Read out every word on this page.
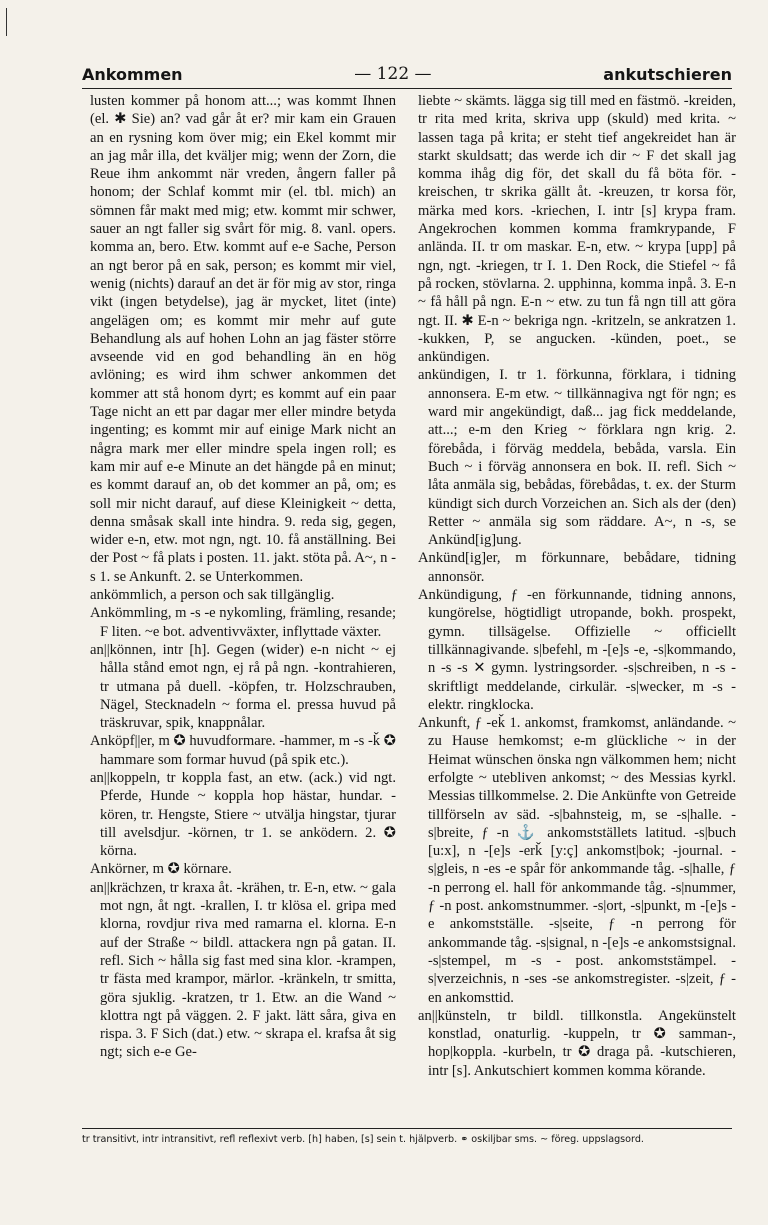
Ankommen	— 122 —	ankutschieren

lusten kommer på honom att...; was kommt Ihnen (el. ✱ Sie) an? vad går åt er? mir kam ein Grauen an en rysning kom över mig; ein Ekel kommt mir an jag mår illa, det kväljer mig; wenn der Zorn, die Reue ihm ankommt när vreden, ångern faller på honom; der Schlaf kommt mir (el. tbl. mich) an sömnen får makt med mig; etw. kommt mir schwer, sauer an ngt faller sig svårt för mig. 8. vanl. opers. komma an, bero. Etw. kommt auf e-e Sache, Person an ngt beror på en sak, person; es kommt mir viel, wenig (nichts) darauf an det är för mig av stor, ringa vikt (ingen betydelse), jag är mycket, litet (inte) angelägen om; es kommt mir mehr auf gute Behandlung als auf hohen Lohn an jag fäster större avseende vid en god behandling än en hög avlöning; es wird ihm schwer ankommen det kommer att stå honom dyrt; es kommt auf ein paar Tage nicht an ett par dagar mer eller mindre betyda ingenting; es kommt mir auf einige Mark nicht an några mark mer eller mindre spela ingen roll; es kam mir auf e-e Minute an det hängde på en minut; es kommt darauf an, ob det kommer an på, om; es soll mir nicht darauf, auf diese Kleinigkeit ~ detta, denna småsak skall inte hindra. 9. reda sig, gegen, wider e-n, etw. mot ngn, ngt. 10. få anställning. Bei der Post ~ få plats i posten. 11. jakt. stöta på. A~, n -s 1. se Ankunft. 2. se Unterkommen.

ankömmlich, a person och sak tillgänglig.

Ankömmling, m -s -e nykomling, främling, resande; F liten. ~e bot. adventivväxter, inflyttade växter.

an||können, intr [h]. Gegen (wider) e-n nicht ~ ej hålla stånd emot ngn, ej rå på ngn. -kontrahieren, tr utmana på duell. -köpfen, tr. Holzschrauben, Nägel, Stecknadeln ~ forma el. pressa huvud på träskruvar, spik, knappnålar.

Anköpf||er, m ✪ huvudformare. -hammer, m -s -ǩ ✪ hammare som formar huvud (på spik etc.).

an||koppeln, tr koppla fast, an etw. (ack.) vid ngt. Pferde, Hunde ~ koppla hop hästar, hundar. -kören, tr. Hengste, Stiere ~ utvälja hingstar, tjurar till avelsdjur. -körnen, tr 1. se anködern. 2. ✪ körna.

Ankörner, m ✪ körnare.

an||krächzen, tr kraxa åt. -krähen, tr. E-n, etw. ~ gala mot ngn, åt ngt. -krallen, I. tr klösa el. gripa med klorna, rovdjur riva med ramarna el. klorna. E-n auf der Straße ~ bildl. attackera ngn på gatan. II. refl. Sich ~ hålla sig fast med sina klor. -krampen, tr fästa med krampor, märlor. -kränkeln, tr smitta, göra sjuklig. -kratzen, tr 1. Etw. an die Wand ~ klottra ngt på väggen. 2. F jakt. lätt såra, giva en rispa. 3. F Sich (dat.) etw. ~ skrapa el. krafsa åt sig ngt; sich e-e Ge-

liebte ~ skämts. lägga sig till med en fästmö. -kreiden, tr rita med krita, skriva upp (skuld) med krita. ~ lassen taga på krita; er steht tief angekreidet han är starkt skuldsatt; das werde ich dir ~ F det skall jag komma ihåg dig för, det skall du få böta för. -kreischen, tr skrika gällt åt. -kreuzen, tr korsa för, märka med kors. -kriechen, I. intr [s] krypa fram. Angekrochen kommen komma framkrypande, F anlända. II. tr om maskar. E-n, etw. ~ krypa [upp] på ngn, ngt. -kriegen, tr I. 1. Den Rock, die Stiefel ~ få på rocken, stövlarna. 2. upphinna, komma inpå. 3. E-n ~ få håll på ngn. E-n ~ etw. zu tun få ngn till att göra ngt. II. ✱ E-n ~ bekriga ngn. -kritzeln, se ankratzen 1. -kukken, P, se angucken. -künden, poet., se ankündigen.

ankündigen, I. tr 1. förkunna, förklara, i tidning annonsera. E-m etw. ~ tillkännagiva ngt för ngn; es ward mir angekündigt, daß... jag fick meddelande, att...; e-m den Krieg ~ förklara ngn krig. 2. förebåda, i förväg meddela, bebåda, varsla. Ein Buch ~ i förväg annonsera en bok. II. refl. Sich ~ låta anmäla sig, bebådas, förebådas, t. ex. der Sturm kündigt sich durch Vorzeichen an. Sich als der (den) Retter ~ anmäla sig som räddare. A~, n -s, se Ankünd[ig]ung.

Ankünd[ig]er, m förkunnare, bebådare, tidning annonsör.

Ankündigung, ƒ -en förkunnande, tidning annons, kungörelse, högtidligt utropande, bokh. prospekt, gymn. tillsägelse. Offizielle ~ officiellt tillkännagivande. s|befehl, m -[e]s -e, -s|kommando, n -s -s ✕ gymn. lystringsorder. -s|schreiben, n -s - skriftligt meddelande, cirkulär. -s|wecker, m -s - elektr. ringklocka.

Ankunft, ƒ -eǩ 1. ankomst, framkomst, anländande. ~ zu Hause hemkomst; e-m glückliche ~ in der Heimat wünschen önska ngn välkommen hem; nicht erfolgte ~ utebliven ankomst; ~ des Messias kyrkl. Messias tillkommelse. 2. Die Ankünfte von Getreide tillförseln av säd. -s|bahnsteig, m, se -s|halle. -s|breite, ƒ -n ⚓ ankomstställets latitud. -s|buch [u:x], n -[e]s -erǩ [y:ç] ankomst|bok; -journal. -s|gleis, n -es -e spår för ankommande tåg. -s|halle, ƒ -n perrong el. hall för ankommande tåg. -s|nummer, ƒ -n post. ankomstnummer. -s|ort, -s|punkt, m -[e]s -e ankomstställe. -s|seite, ƒ -n perrong för ankommande tåg. -s|signal, n -[e]s -e ankomstsignal. -s|stempel, m -s - post. ankomststämpel. -s|verzeichnis, n -ses -se ankomstregister. -s|zeit, ƒ -en ankomsttid.

an||künsteln, tr bildl. tillkonstla. Angekünstelt konstlad, onaturlig. -kuppeln, tr ✪ samman-, hop|koppla. -kurbeln, tr ✪ draga på. -kutschieren, intr [s]. Ankutschiert kommen komma körande.

tr transitivt, intr intransitivt, refl reflexivt verb. [h] haben, [s] sein t. hjälpverb. ⚭ oskiljbar sms. ~ föreg. uppslagsord.
